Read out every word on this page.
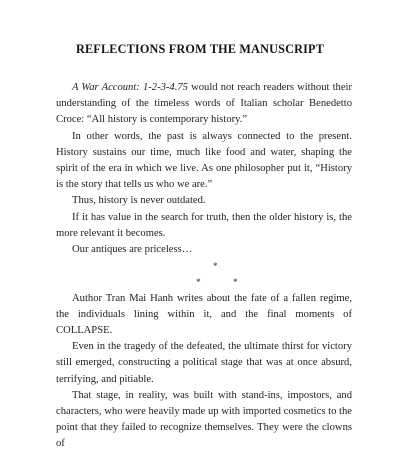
REFLECTIONS FROM THE MANUSCRIPT

A War Account: 1-2-3-4.75 would not reach readers without their understanding of the timeless words of Italian scholar Benedetto Croce: “All history is contemporary history.”

In other words, the past is always connected to the present. History sustains our time, much like food and water, shaping the spirit of the era in which we live. As one philosopher put it, “History is the story that tells us who we are.”

Thus, history is never outdated.

If it has value in the search for truth, then the older history is, the more relevant it becomes.

Our antiques are priceless…

*
*	*

Author Tran Mai Hanh writes about the fate of a fallen regime, the individuals lining within it, and the final moments of COLLAPSE.

Even in the tragedy of the defeated, the ultimate thirst for victory still emerged, constructing a political stage that was at once absurd, terrifying, and pitiable.

That stage, in reality, was built with stand-ins, impostors, and characters, who were heavily made up with imported cosmetics to the point that they failed to recognize themselves. They were the clowns of
